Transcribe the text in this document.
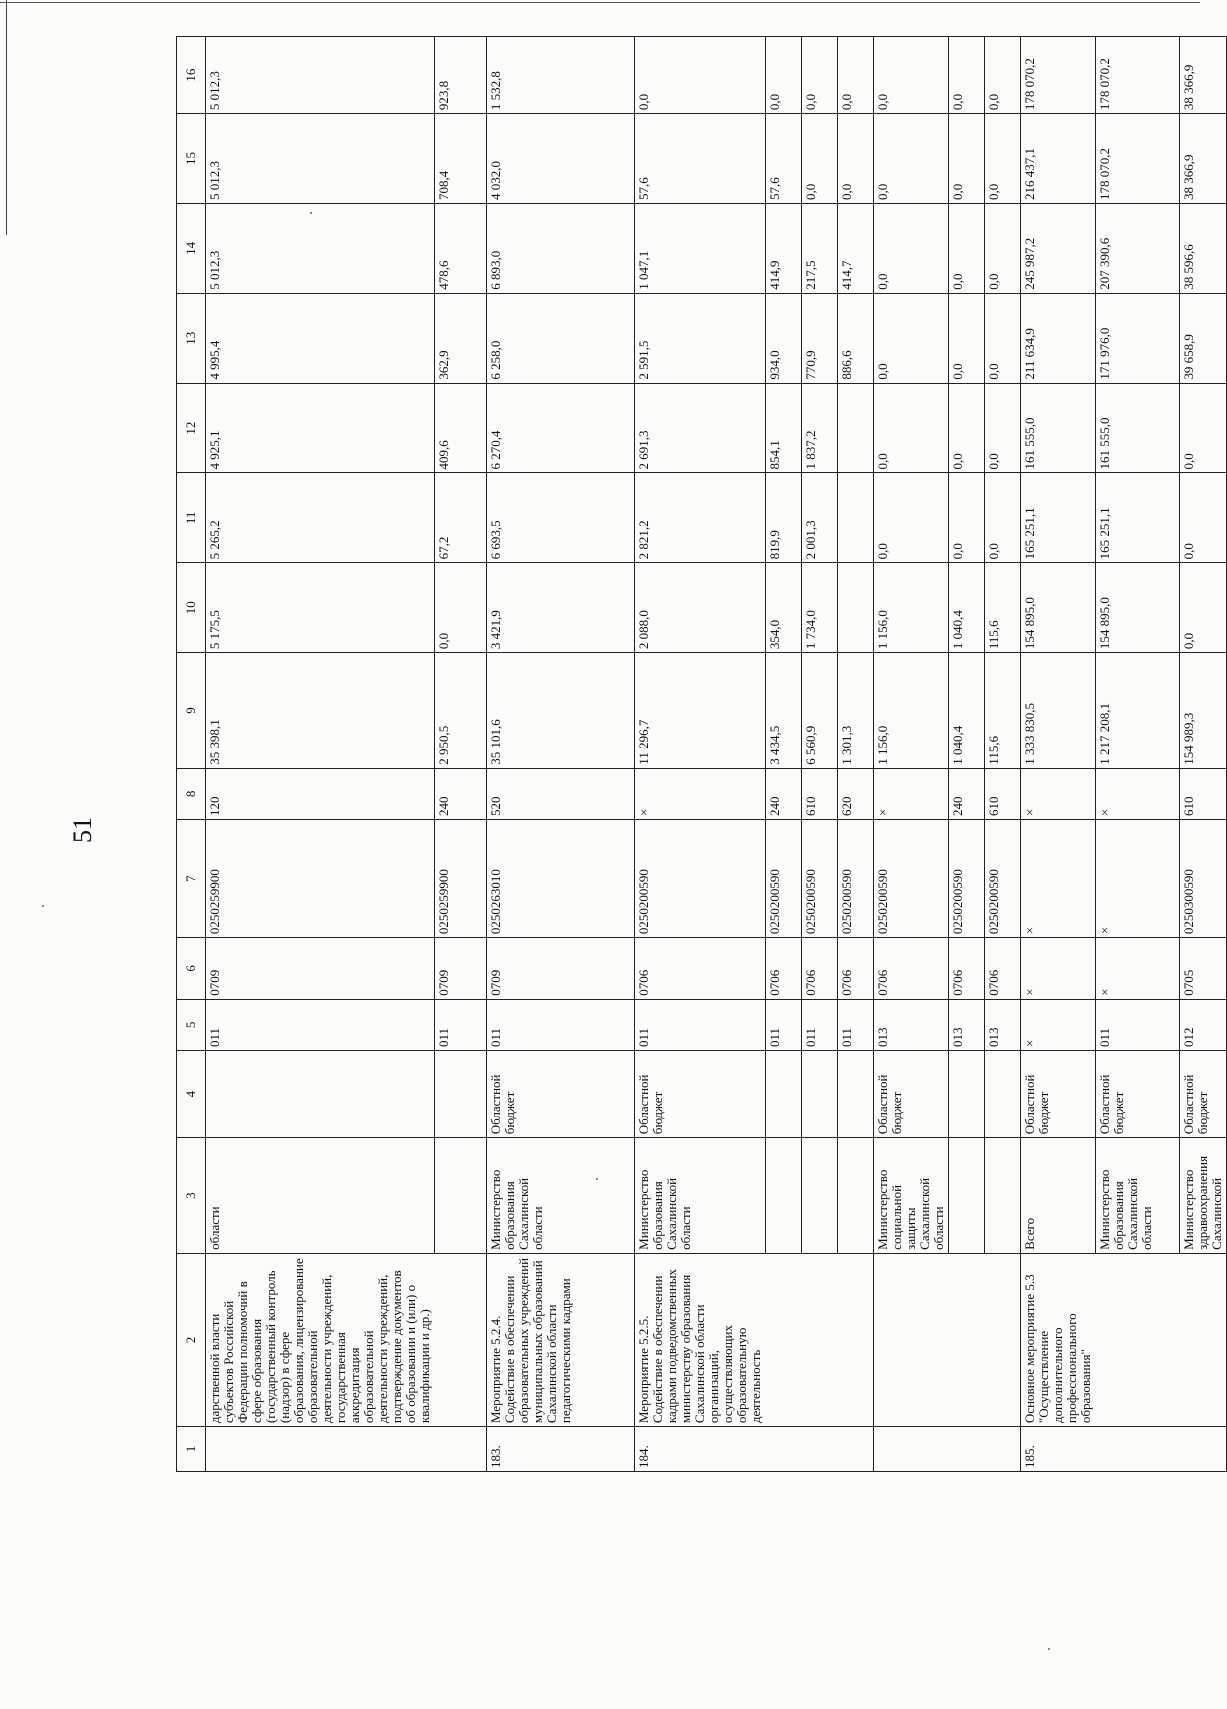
51
1	2	3	4	5	6	7	8	9	10	11	12	13	14	15	16
	дарственной власти субъектов Российской Федерации полномочий в сфере образования (государственный контроль (надзор) в сфере образования, лицензирование образовательной деятельности учреждений, государственная аккредитация образовательной деятельности учреждений, подтверждение документов об образовании и (или) о квалификации и др.)	области		011	0709	0250259900	120	35 398,1	5 175,5	5 265,2	4 925,1	4 995,4	5 012,3	5 012,3	5 012,3
				011	0709	0250259900	240	2 950,5	0,0	67,2	409,6	362,9	478,6	708,4	923,8
183.	Мероприятие 5.2.4. Содействие в обеспечении образовательных учреждений муниципальных образований Сахалинской области педагогическими кадрами	Министерство образования Сахалинской области	Областной бюджет	011	0709	0250263010	520	35 101,6	3 421,9	6 693,5	6 270,4	6 258,0	6 893,0	4 032,0	1 532,8
184.	Мероприятие 5.2.5. Содействие в обеспечении кадрами подведомственных министерству образования Сахалинской области организаций, осуществляющих образовательную деятельность	Министерство образования Сахалинской области	Областной бюджет	011	0706	0250200590	×	11 296,7	2 088,0	2 821,2	2 691,3	2 591,5	1 047,1	57,6	0,0
				011	0706	0250200590	240	3 434,5	354,0	819,9	854,1	934,0	414,9	57,6	0,0
				011	0706	0250200590	610	6 560,9	1 734,0	2 001,3	1 837,2	770,9	217,5	0,0	0,0
				011	0706	0250200590	620	1 301,3				886,6	414,7	0,0	0,0
		Министерство социальной защиты Сахалинской области	Областной бюджет	013	0706	0250200590	×	1 156,0	1 156,0	0,0	0,0	0,0	0,0	0,0	0,0
				013	0706	0250200590	240	1 040,4	1 040,4	0,0	0,0	0,0	0,0	0,0	0,0
				013	0706	0250200590	610	115,6	115,6	0,0	0,0	0,0	0,0	0,0	0,0
185.	Основное мероприятие 5.3 "Осуществление дополнительного профессионального образования"	Всего	Областной бюджет	×	×	×	×	1 333 830,5	154 895,0	165 251,1	161 555,0	211 634,9	245 987,2	216 437,1	178 070,2
		Министерство образования Сахалинской области	Областной бюджет	011	×	×	×	1 217 208,1	154 895,0	165 251,1	161 555,0	171 976,0	207 390,6	178 070,2	178 070,2
		Министерство здравоохранения Сахалинской	Областной бюджет	012	0705	0250300590	610	154 989,3	0,0	0,0	0,0	39 658,9	38 596,6	38 366,9	38 366,9
